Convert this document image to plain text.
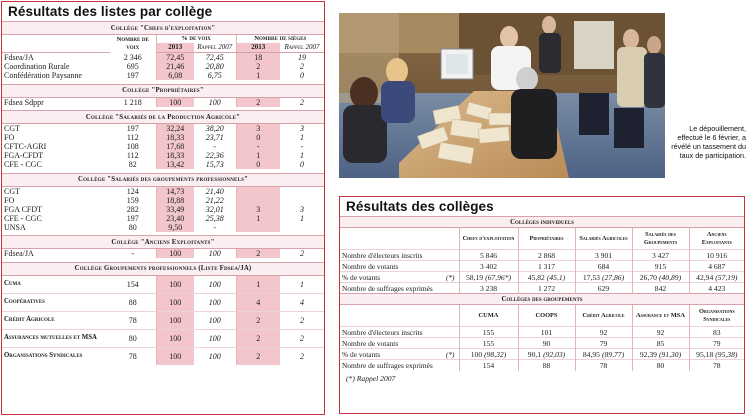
Résultats des listes par collège
Collège "Chefs d'exploitation"					
	Nombre de voix	% de voix		Nombre de sièges	
		2013	Rappel 2007	2013	Rappel 2007
Fdsea/JA	2 346	72,45	72,45	18	19
Coordination Rurale	695	21,46	20,80	2	2
Confédération Paysanne	197	6,08	6,75	1	0

Collège "Propriétaires"					
Fdsea Sdppr	1 218	100	100	2	2

Collège "Salariés de la Production Agricole"					
CGT	197	32,24	38,20	3	3
FO	112	18,33	23,71	0	1
CFTC-AGRI	108	17,68	-	-	-
FGA-CFDT	112	18,33	22,36	1	1
CFE - CGC	82	13,42	15,73	0	0

Collège "Salariés des groupements professionnels"					
CGT	124	14,73	21,40		
FO	159	18,88	21,22		
FGA CFDT	282	33,49	32,01	3	3
CFE - CGC	197	23,40	25,38	1	1
UNSA	80	9,50	-		

Collège "Anciens Exploitants"					
Fdsea/JA	-	100	100	2	2

Collège Groupements professionnels (Liste Fdsea/JA)					
Cuma	154	100	100	1	1
Coopératives	88	100	100	4	4
Crédit Agricole	78	100	100	2	2
Assurances mutuelles et MSA	80	100	100	2	2
Organisations Syndicales	78	100	100	2	2
Le dépouillement, effectué le 6 février, a révélé un tassement du taux de participation.
Résultats des collèges
Collèges individuels					
	Chefs d'exploitation	Propriétaires	Salariés Agricoles	Salariés des Groupements	Anciens Exploitants
Nombre d'électeurs inscrits	5 846	2 868	3 901	3 427	10 916
Nombre de votants	3 402	1 317	684	915	4 687
% de votants (*)	58,19 (67,96*)	45,82 (45,1)	17,53 (27,86)	26,70 (40,89)	42,94 (57,19)
Nombre de suffrages exprimés	3 238	1 272	629	842	4 423
Collèges des groupements					
	CUMA	COOPS	Crédit Agricole	Assurance et MSA	Organisations Syndicales
Nombre d'électeurs inscrits	155	101	92	92	83
Nombre de votants	155	90	79	85	79
% de votants (*)	100 (98,32)	90,1 (92,03)	84,95 (89,77)	92,39 (91,30)	95,18 (95,38)
Nombre de suffrages exprimés	154	88	78	80	78
(*) Rappel 2007
